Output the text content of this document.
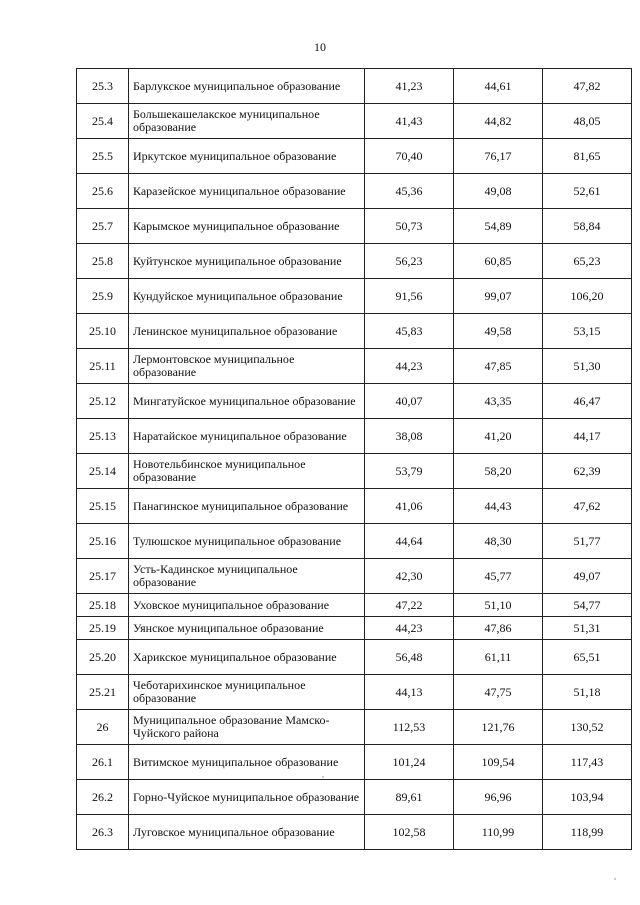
10
25.3	Барлукское муниципальное образование	41,23	44,61	47,82
25.4	Большекашелакское муниципальное образование	41,43	44,82	48,05
25.5	Иркутское муниципальное образование	70,40	76,17	81,65
25.6	Каразейское муниципальное образование	45,36	49,08	52,61
25.7	Карымское муниципальное образование	50,73	54,89	58,84
25.8	Куйтунское муниципальное образование	56,23	60,85	65,23
25.9	Кундуйское муниципальное образование	91,56	99,07	106,20
25.10	Ленинское муниципальное образование	45,83	49,58	53,15
25.11	Лермонтовское муниципальное образование	44,23	47,85	51,30
25.12	Мингатуйское муниципальное образование	40,07	43,35	46,47
25.13	Наратайское муниципальное образование	38,08	41,20	44,17
25.14	Новотельбинское муниципальное образование	53,79	58,20	62,39
25.15	Панагинское муниципальное образование	41,06	44,43	47,62
25.16	Тулюшское муниципальное образование	44,64	48,30	51,77
25.17	Усть-Кадинское муниципальное образование	42,30	45,77	49,07
25.18	Уховское муниципальное образование	47,22	51,10	54,77
25.19	Уянское муниципальное образование	44,23	47,86	51,31
25.20	Харикское муниципальное образование	56,48	61,11	65,51
25.21	Чеботарихинское муниципальное образование	44,13	47,75	51,18
26	Муниципальное образование Мамско-Чуйского района	112,53	121,76	130,52
26.1	Витимское муниципальное образование	101,24	109,54	117,43
26.2	Горно-Чуйское муниципальное образование	89,61	96,96	103,94
26.3	Луговское муниципальное образование	102,58	110,99	118,99
